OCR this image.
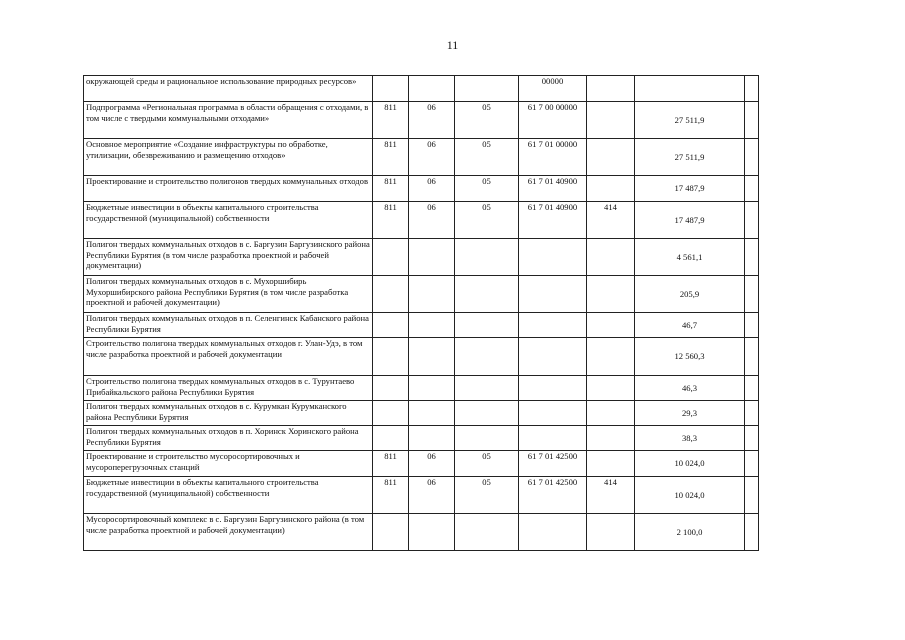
11
окружающей среды и рациональное использование природных ресурсов»				00000			
Подпрограмма «Региональная программа в области обращения с отходами, в том числе с твердыми коммунальными отходами»	811	06	05	61 7 00 00000		27 511,9	
Основное мероприятие «Создание инфраструктуры по обработке, утилизации, обезвреживанию и размещению отходов»	811	06	05	61 7 01 00000		27 511,9	
Проектирование и строительство полигонов твердых коммунальных отходов	811	06	05	61 7 01 40900		17 487,9	
Бюджетные инвестиции в объекты капитального строительства государственной (муниципальной) собственности	811	06	05	61 7 01 40900	414	17 487,9	
Полигон твердых коммунальных отходов в с. Баргузин Баргузинского района Республики Бурятия (в том числе разработка проектной и рабочей документации)						4 561,1	
Полигон твердых коммунальных отходов в с. Мухоршибирь Мухоршибирского района Республики Бурятия (в том числе разработка проектной и рабочей документации)						205,9	
Полигон твердых коммунальных отходов в п. Селенгинск Кабанского района Республики Бурятия						46,7	
Строительство полигона твердых коммунальных отходов г. Улан-Удэ, в том числе разработка проектной и рабочей документации						12 560,3	
Строительство полигона твердых коммунальных отходов в с. Турунтаево Прибайкальского района Республики Бурятия						46,3	
Полигон твердых коммунальных отходов в с. Курумкан Курумканского района Республики Бурятия						29,3	
Полигон твердых коммунальных отходов в п. Хоринск Хоринского района Республики Бурятия						38,3	
Проектирование и строительство мусоросортировочных и мусороперегрузочных станций	811	06	05	61 7 01 42500		10 024,0	
Бюджетные инвестиции в объекты капитального строительства государственной (муниципальной) собственности	811	06	05	61 7 01 42500	414	10 024,0	
Мусоросортировочный комплекс в с. Баргузин Баргузинского района (в том числе разработка проектной и рабочей документации)						2 100,0	
